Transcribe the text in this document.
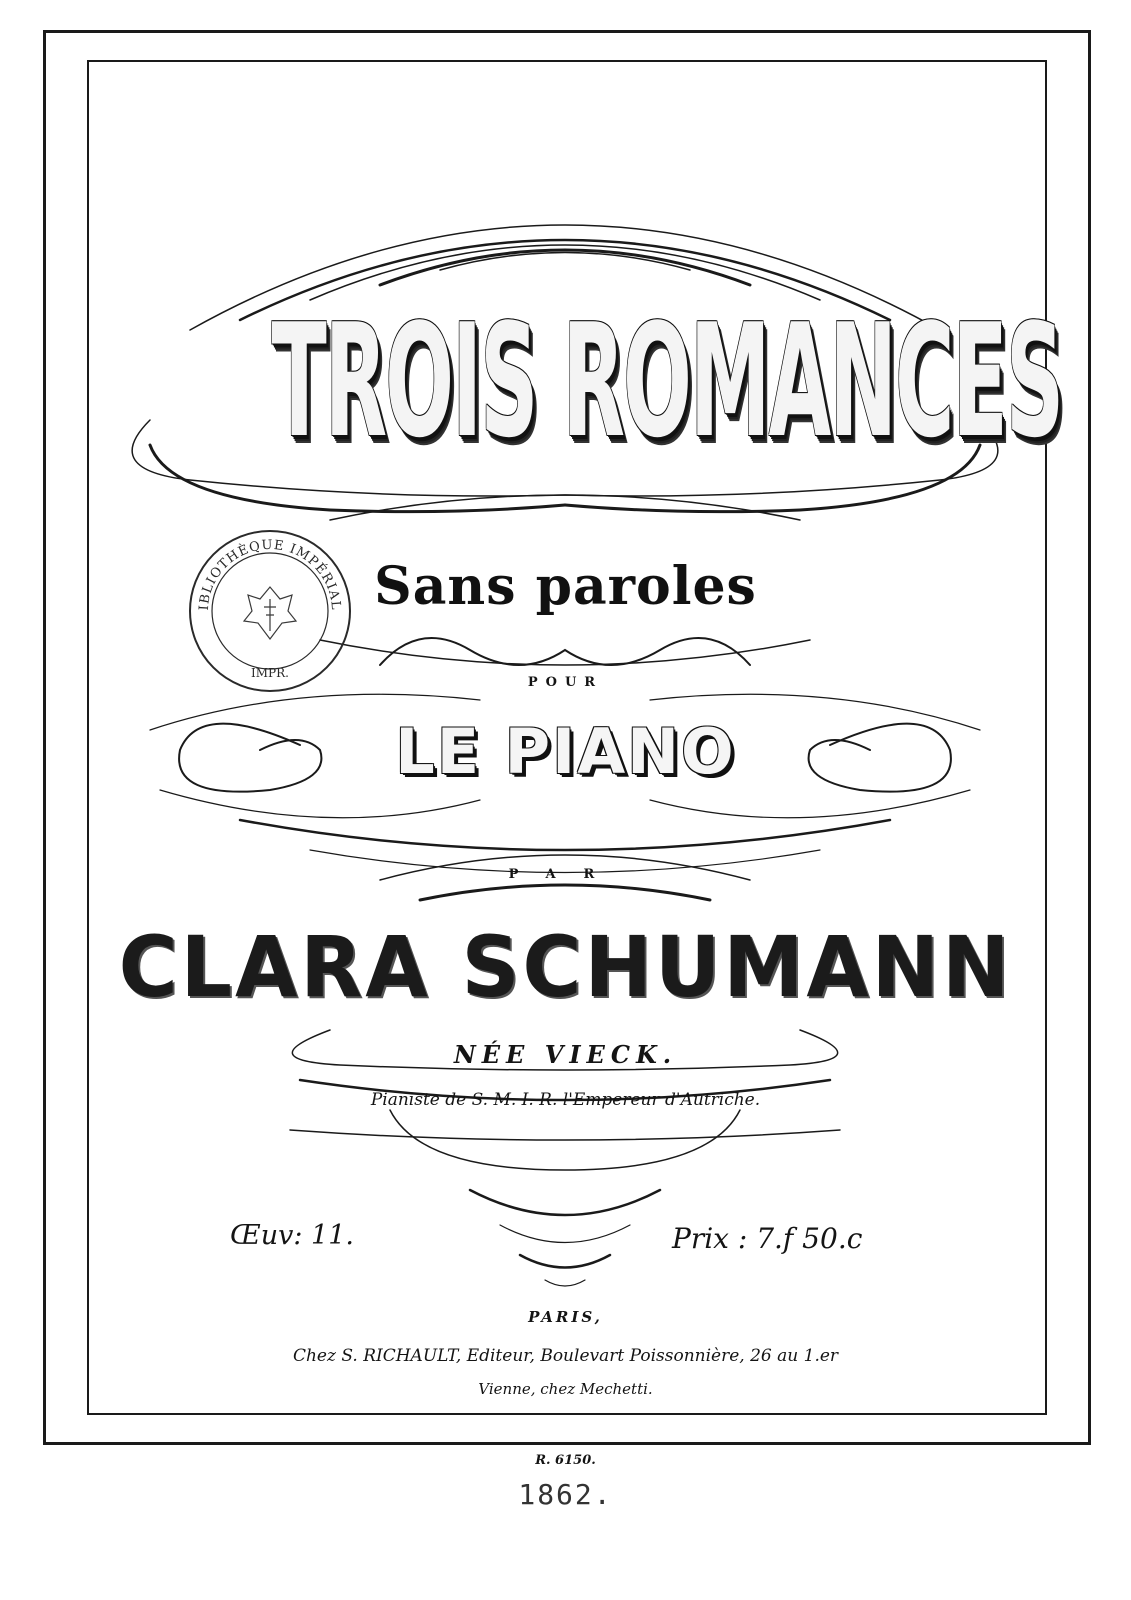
IBLIOTHÈQUE IMPÉRIAL
IMPR.
TROIS ROMANCES
Sans paroles
POUR
LE PIANO
PAR
CLARA SCHUMANN
NÉE VIECK.
Pianiste de S. M. I. R. l'Empereur d'Autriche.
Œuv: 11.	Prix : 7.f 50.c
PARIS,
Chez S. RICHAULT, Editeur, Boulevart Poissonnière, 26 au 1.er
Vienne, chez Mechetti.
R. 6150.
1862.
